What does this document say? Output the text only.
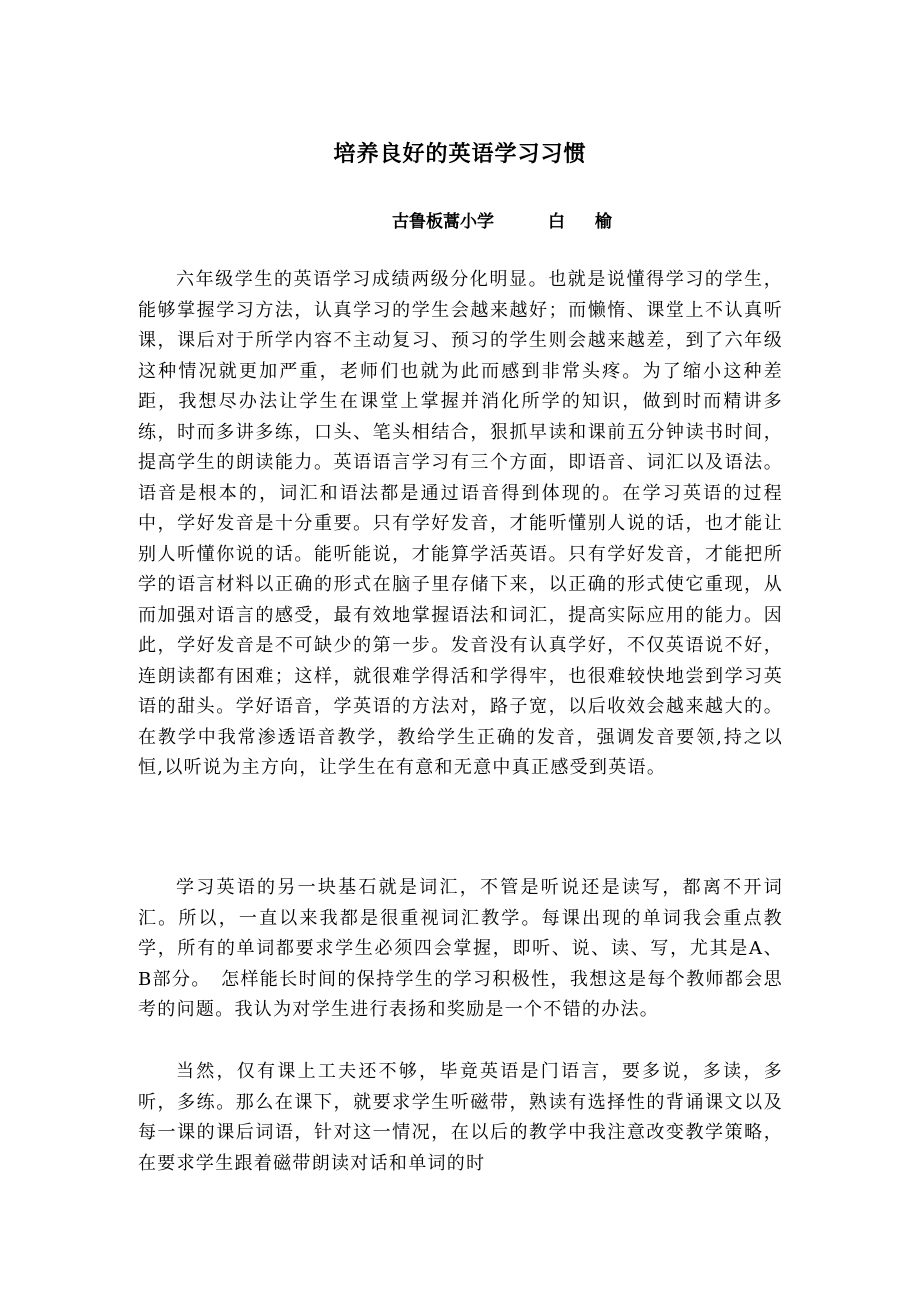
培养良好的英语学习习惯
古鲁板蒿小学	白 榆

六年级学生的英语学习成绩两级分化明显。也就是说懂得学习的学生，能够掌握学习方法，认真学习的学生会越来越好；而懒惰、课堂上不认真听课，课后对于所学内容不主动复习、预习的学生则会越来越差，到了六年级这种情况就更加严重，老师们也就为此而感到非常头疼。为了缩小这种差距，我想尽办法让学生在课堂上掌握并消化所学的知识，做到时而精讲多练，时而多讲多练，口头、笔头相结合，狠抓早读和课前五分钟读书时间，提高学生的朗读能力。英语语言学习有三个方面，即语音、词汇以及语法。语音是根本的，词汇和语法都是通过语音得到体现的。在学习英语的过程中，学好发音是十分重要。只有学好发音，才能听懂别人说的话，也才能让别人听懂你说的话。能听能说，才能算学活英语。只有学好发音，才能把所学的语言材料以正确的形式在脑子里存储下来，以正确的形式使它重现，从而加强对语言的感受，最有效地掌握语法和词汇，提高实际应用的能力。因此，学好发音是不可缺少的第一步。发音没有认真学好，不仅英语说不好，连朗读都有困难；这样，就很难学得活和学得牢，也很难较快地尝到学习英语的甜头。学好语音，学英语的方法对，路子宽，以后收效会越来越大的。在教学中我常渗透语音教学，教给学生正确的发音，强调发音要领,持之以恒,以听说为主方向，让学生在有意和无意中真正感受到英语。

学习英语的另一块基石就是词汇，不管是听说还是读写，都离不开词汇。所以，一直以来我都是很重视词汇教学。每课出现的单词我会重点教学，所有的单词都要求学生必须四会掌握，即听、说、读、写，尤其是A、B部分。　怎样能长时间的保持学生的学习积极性，我想这是每个教师都会思考的问题。我认为对学生进行表扬和奖励是一个不错的办法。

当然，仅有课上工夫还不够，毕竟英语是门语言，要多说，多读，多听，多练。那么在课下，就要求学生听磁带，熟读有选择性的背诵课文以及每一课的课后词语，针对这一情况，在以后的教学中我注意改变教学策略，在要求学生跟着磁带朗读对话和单词的时
